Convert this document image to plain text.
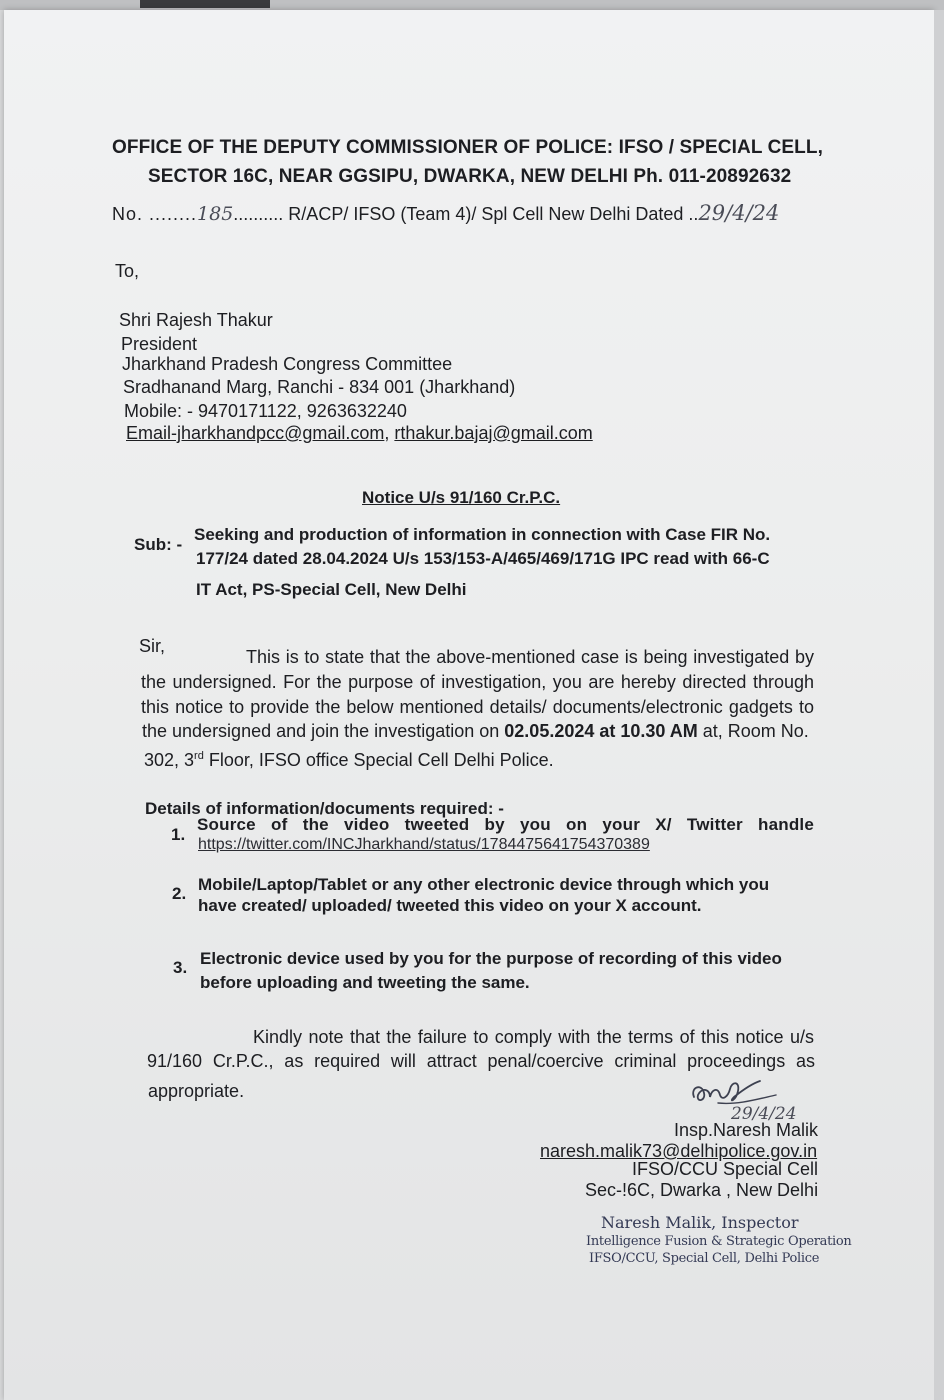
OFFICE OF THE DEPUTY COMMISSIONER OF POLICE: IFSO / SPECIAL CELL,
SECTOR 16C, NEAR GGSIPU, DWARKA, NEW DELHI Ph. 011-20892632
No. ........185.......... R/ACP/ IFSO (Team 4)/ Spl Cell New Delhi Dated ..29/4/24
To,
Shri Rajesh Thakur
President
Jharkhand Pradesh Congress Committee
Sradhanand Marg, Ranchi - 834 001 (Jharkhand)
Mobile: - 9470171122, 9263632240
Email-jharkhandpcc@gmail.com, rthakur.bajaj@gmail.com
Notice U/s 91/160 Cr.P.C.
Sub: -
Seeking and production of information in connection with Case FIR No.
177/24 dated 28.04.2024 U/s 153/153-A/465/469/171G IPC read with 66-C
IT Act, PS-Special Cell, New Delhi
Sir,
This is to state that the above-mentioned case is being investigated by
the undersigned. For the purpose of investigation, you are hereby directed through
this notice to provide the below mentioned details/ documents/electronic gadgets to
the undersigned and join the investigation on 02.05.2024 at 10.30 AM at, Room No.
302, 3rd Floor, IFSO office Special Cell Delhi Police.
Details of information/documents required: -
1.
Source of the video tweeted by you on your X/ Twitter handle
https://twitter.com/INCJharkhand/status/1784475641754370389
2. Mobile/Laptop/Tablet or any other electronic device through which you
have created/ uploaded/ tweeted this video on your X account.
3. Electronic device used by you for the purpose of recording of this video
before uploading and tweeting the same.
Kindly note that the failure to comply with the terms of this notice u/s
91/160 Cr.P.C., as required will attract penal/coercive criminal proceedings as
appropriate.
29/4/24
Insp.Naresh Malik
naresh.malik73@delhipolice.gov.in
IFSO/CCU Special Cell
Sec-!6C, Dwarka , New Delhi
Naresh Malik, Inspector
Intelligence Fusion & Strategic Operation
IFSO/CCU, Special Cell, Delhi Police
